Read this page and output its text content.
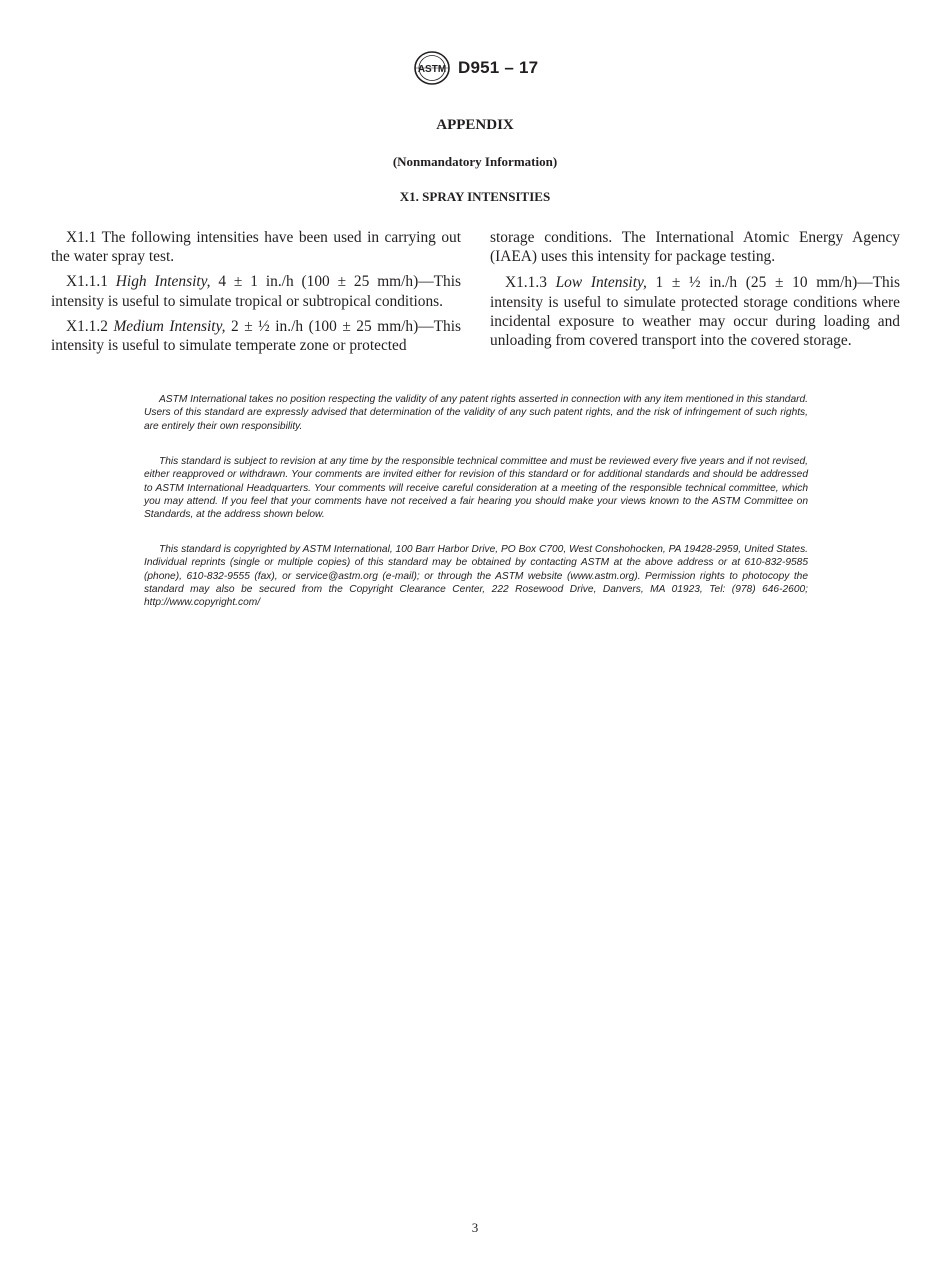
ASTM D951 – 17
APPENDIX
(Nonmandatory Information)
X1. SPRAY INTENSITIES

X1.1 The following intensities have been used in carrying out the water spray test.

X1.1.1 High Intensity, 4 ± 1 in./h (100 ± 25 mm/h)—This intensity is useful to simulate tropical or subtropical conditions.

X1.1.2 Medium Intensity, 2 ± ½ in./h (100 ± 25 mm/h)—This intensity is useful to simulate temperate zone or protected

storage conditions. The International Atomic Energy Agency (IAEA) uses this intensity for package testing.

X1.1.3 Low Intensity, 1 ± ½ in./h (25 ± 10 mm/h)—This intensity is useful to simulate protected storage conditions where incidental exposure to weather may occur during loading and unloading from covered transport into the covered storage.

ASTM International takes no position respecting the validity of any patent rights asserted in connection with any item mentioned in this standard. Users of this standard are expressly advised that determination of the validity of any such patent rights, and the risk of infringement of such rights, are entirely their own responsibility.

This standard is subject to revision at any time by the responsible technical committee and must be reviewed every five years and if not revised, either reapproved or withdrawn. Your comments are invited either for revision of this standard or for additional standards and should be addressed to ASTM International Headquarters. Your comments will receive careful consideration at a meeting of the responsible technical committee, which you may attend. If you feel that your comments have not received a fair hearing you should make your views known to the ASTM Committee on Standards, at the address shown below.

This standard is copyrighted by ASTM International, 100 Barr Harbor Drive, PO Box C700, West Conshohocken, PA 19428-2959, United States. Individual reprints (single or multiple copies) of this standard may be obtained by contacting ASTM at the above address or at 610-832-9585 (phone), 610-832-9555 (fax), or service@astm.org (e-mail); or through the ASTM website (www.astm.org). Permission rights to photocopy the standard may also be secured from the Copyright Clearance Center, 222 Rosewood Drive, Danvers, MA 01923, Tel: (978) 646-2600; http://www.copyright.com/

3
